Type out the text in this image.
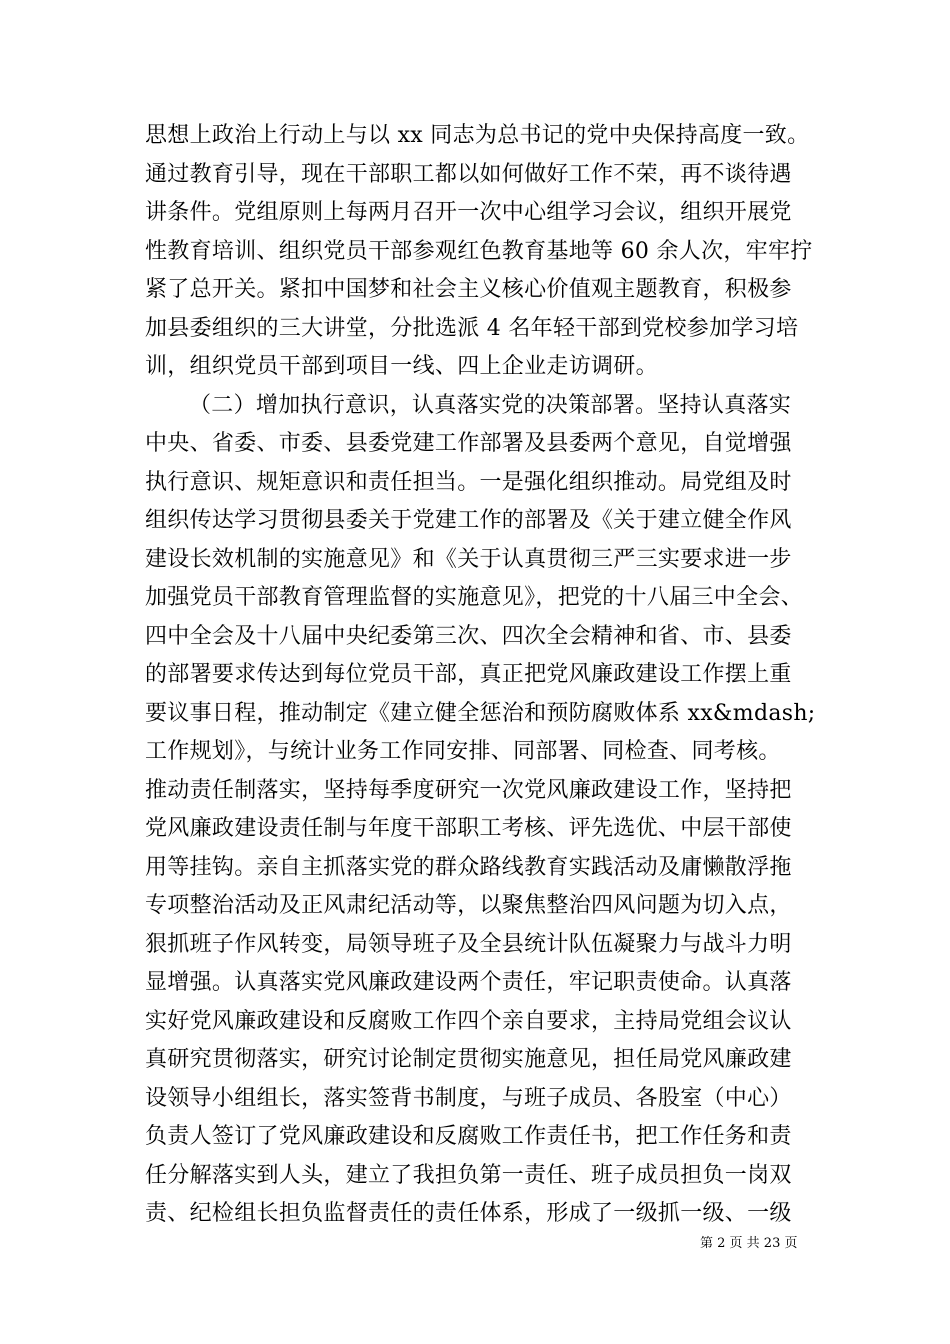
思想上政治上行动上与以 xx 同志为总书记的党中央保持高度一致。
通过教育引导，现在干部职工都以如何做好工作不荣，再不谈待遇
讲条件。党组原则上每两月召开一次中心组学习会议，组织开展党
性教育培训、组织党员干部参观红色教育基地等 60 余人次，牢牢拧
紧了总开关。紧扣中国梦和社会主义核心价值观主题教育，积极参
加县委组织的三大讲堂，分批选派 4 名年轻干部到党校参加学习培
训，组织党员干部到项目一线、四上企业走访调研。
（二）增加执行意识，认真落实党的决策部署。坚持认真落实
中央、省委、市委、县委党建工作部署及县委两个意见，自觉增强
执行意识、规矩意识和责任担当。一是强化组织推动。局党组及时
组织传达学习贯彻县委关于党建工作的部署及《关于建立健全作风
建设长效机制的实施意见》和《关于认真贯彻三严三实要求进一步
加强党员干部教育管理监督的实施意见》，把党的十八届三中全会、
四中全会及十八届中央纪委第三次、四次全会精神和省、市、县委
的部署要求传达到每位党员干部，真正把党风廉政建设工作摆上重
要议事日程，推动制定《建立健全惩治和预防腐败体系 xx&mdash;
工作规划》，与统计业务工作同安排、同部署、同检查、同考核。
推动责任制落实，坚持每季度研究一次党风廉政建设工作，坚持把
党风廉政建设责任制与年度干部职工考核、评先选优、中层干部使
用等挂钩。亲自主抓落实党的群众路线教育实践活动及庸懒散浮拖
专项整治活动及正风肃纪活动等，以聚焦整治四风问题为切入点，
狠抓班子作风转变，局领导班子及全县统计队伍凝聚力与战斗力明
显增强。认真落实党风廉政建设两个责任，牢记职责使命。认真落
实好党风廉政建设和反腐败工作四个亲自要求，主持局党组会议认
真研究贯彻落实，研究讨论制定贯彻实施意见，担任局党风廉政建
设领导小组组长，落实签背书制度，与班子成员、各股室（中心）
负责人签订了党风廉政建设和反腐败工作责任书，把工作任务和责
任分解落实到人头，建立了我担负第一责任、班子成员担负一岗双
责、纪检组长担负监督责任的责任体系，形成了一级抓一级、一级
第 2 页 共 23 页
